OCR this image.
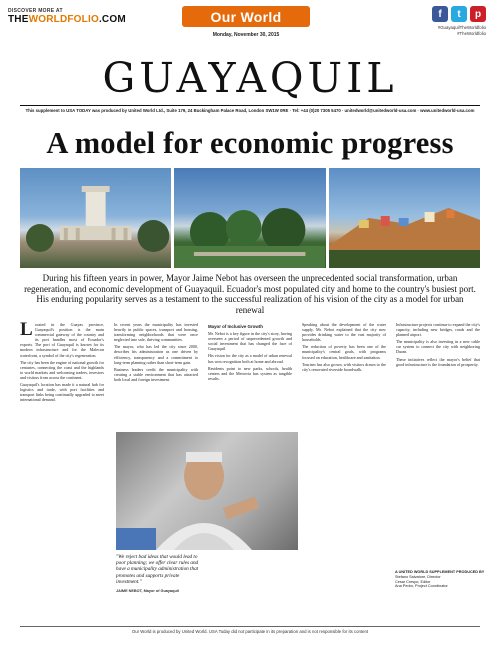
DISCOVER MORE AT
THEWORLDFOLIO.COM	Our World
Monday, November 30, 2015
f	t	p
#GuayaquilTheWorldfolio
#TheWorldfolio
GUAYAQUIL
This supplement to USA TODAY was produced by United World Ltd., Suite 179, 24 Buckingham Palace Road, London SW1W 0RE · Tel: +44 (0)20 7305 5470 · unitedworld@unitedworld-usa.com · www.unitedworld-usa.com
A model for economic progress
During his fifteen years in power, Mayor Jaime Nebot has overseen the unprecedented social transformation, urban regeneration, and economic development of Guayaquil. Ecuador's most populated city and home to the country's busiest port. His enduring popularity serves as a testament to the successful realization of his vision of the city as a model for urban renewal

Located in the Guayas province, Guayaquil's position is the main commercial gateway of the country and its port handles most of Ecuador's exports. The port of Guayaquil is known for its modern infrastructure and for the Malecon waterfront, a symbol of the city's regeneration.

The city has been the engine of national growth for centuries, connecting the coast and the highlands to world markets and welcoming traders, investors and visitors from across the continent.

Guayaquil's location has made it a natural hub for logistics and trade, with port facilities and transport links being continually upgraded to meet international demand.

In recent years the municipality has invested heavily in public spaces, transport and housing, transforming neighborhoods that were once neglected into safe, thriving communities.

The mayor, who has led the city since 2000, describes his administration as one driven by efficiency, transparency and a commitment to long-term planning rather than short-term gain.

Business leaders credit the municipality with creating a stable environment that has attracted both local and foreign investment.

Mayor of Inclusive Growth

Mr. Nebot is a key figure in the city's story, having overseen a period of unprecedented growth and social investment that has changed the face of Guayaquil.

His vision for the city as a model of urban renewal has won recognition both at home and abroad.

Residents point to new parks, schools, health centers and the Metrovia bus system as tangible results.

Speaking about the development of the water supply, Mr. Nebot explained that the city now provides drinking water to the vast majority of households.

The reduction of poverty has been one of the municipality's central goals, with programs focused on education, healthcare and sanitation.

Tourism has also grown, with visitors drawn to the city's renovated riverside boardwalk.

Infrastructure projects continue to expand the city's capacity, including new bridges, roads and the planned airport.

The municipality is also investing in a new cable car system to connect the city with neighboring Duran.

These initiatives reflect the mayor's belief that good infrastructure is the foundation of prosperity.

"We reject bad ideas that would lead to poor planning; we offer clear rules and have a municipality administration that promotes and supports private investment."
JAIME NEBOT, Mayor of Guayaquil
A UNITED WORLD SUPPLEMENT PRODUCED BY
Stefano Salvatore, Director
Cesar Crespo, Editor
Ana Pedro, Project Coordinator
Our World is produced by United World. USA Today did not participate in its preparation and is not responsible for its content
